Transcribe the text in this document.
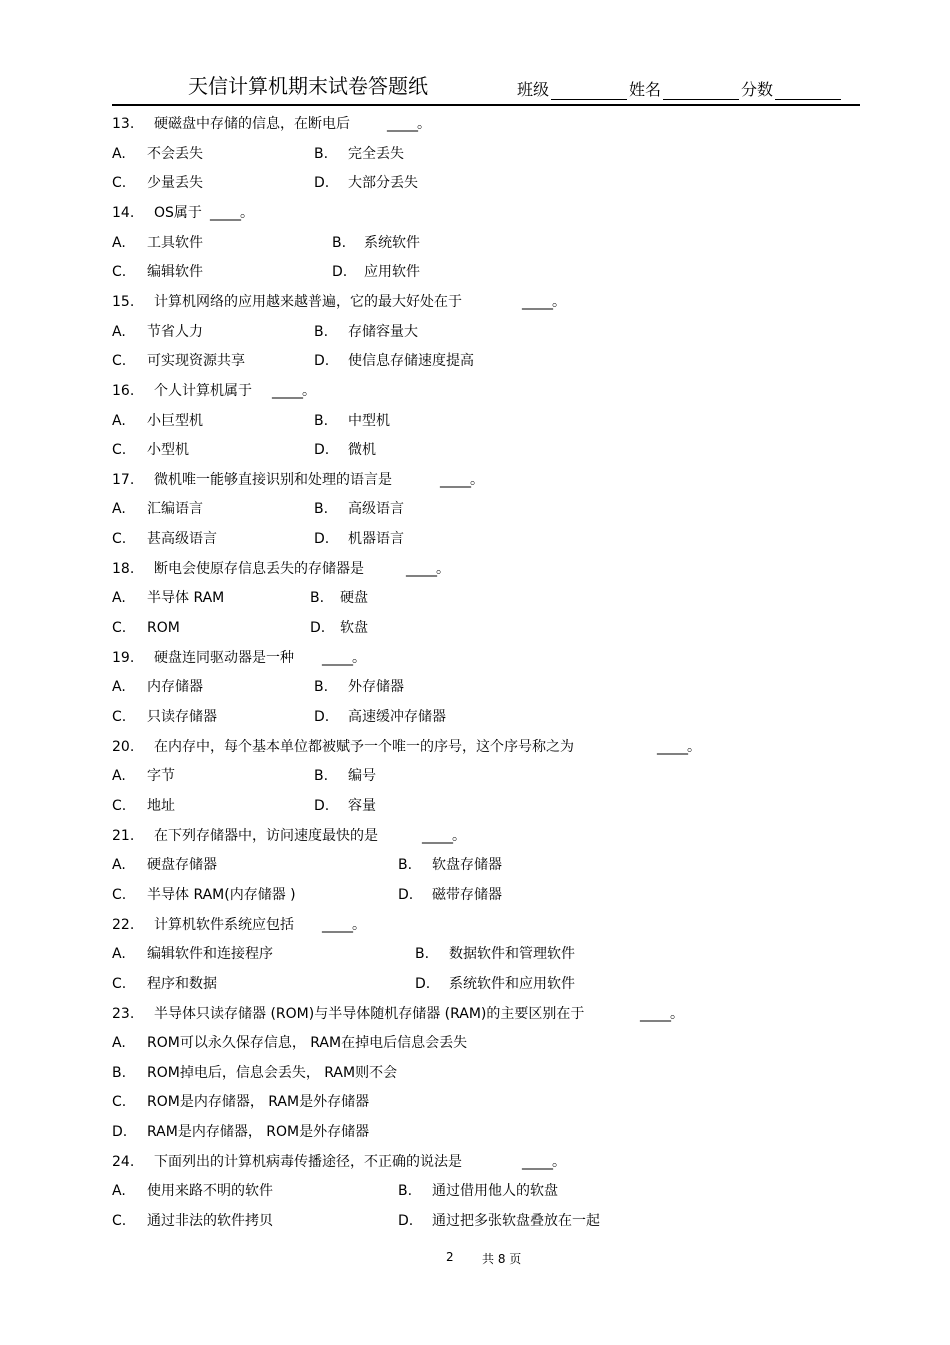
天信计算机期末试卷答题纸	班级	姓名	分数
13. 硬磁盘中存储的信息，在断电后	_____。
A. 不会丢失	B. 完全丢失
C. 少量丢失	D. 大部分丢失
14. OS属于 _____。
A. 工具软件	B. 系统软件
C. 编辑软件	D. 应用软件
15. 计算机网络的应用越来越普遍，它的最大好处在于	_____。
A. 节省人力	B. 存储容量大
C. 可实现资源共享	D. 使信息存储速度提高
16. 个人计算机属于 _____。
A. 小巨型机	B. 中型机
C. 小型机	D. 微机
17. 微机唯一能够直接识别和处理的语言是	_____。
A. 汇编语言	B. 高级语言
C. 甚高级语言	D. 机器语言
18. 断电会使原存信息丢失的存储器是	_____。
A. 半导体 RAM	B. 硬盘
C. ROM	D. 软盘
19. 硬盘连同驱动器是一种 _____。
A. 内存储器	B. 外存储器
C. 只读存储器	D. 高速缓冲存储器
20. 在内存中，每个基本单位都被赋予一个唯一的序号，这个序号称之为	_____。
A. 字节	B. 编号
C. 地址	D. 容量
21. 在下列存储器中，访问速度最快的是	_____。
A. 硬盘存储器	B. 软盘存储器
C. 半导体 RAM(内存储器 )	D. 磁带存储器
22. 计算机软件系统应包括 _____。
A. 编辑软件和连接程序	B. 数据软件和管理软件
C. 程序和数据	D. 系统软件和应用软件
23. 半导体只读存储器 (ROM)与半导体随机存储器 (RAM)的主要区别在于	_____。
A. ROM可以永久保存信息， RAM在掉电后信息会丢失
B. ROM掉电后，信息会丢失， RAM则不会
C. ROM是内存储器， RAM是外存储器
D. RAM是内存储器， ROM是外存储器
24. 下面列出的计算机病毒传播途径，不正确的说法是	_____。
A. 使用来路不明的软件	B. 通过借用他人的软盘
C. 通过非法的软件拷贝	D. 通过把多张软盘叠放在一起
2 共 8 页
